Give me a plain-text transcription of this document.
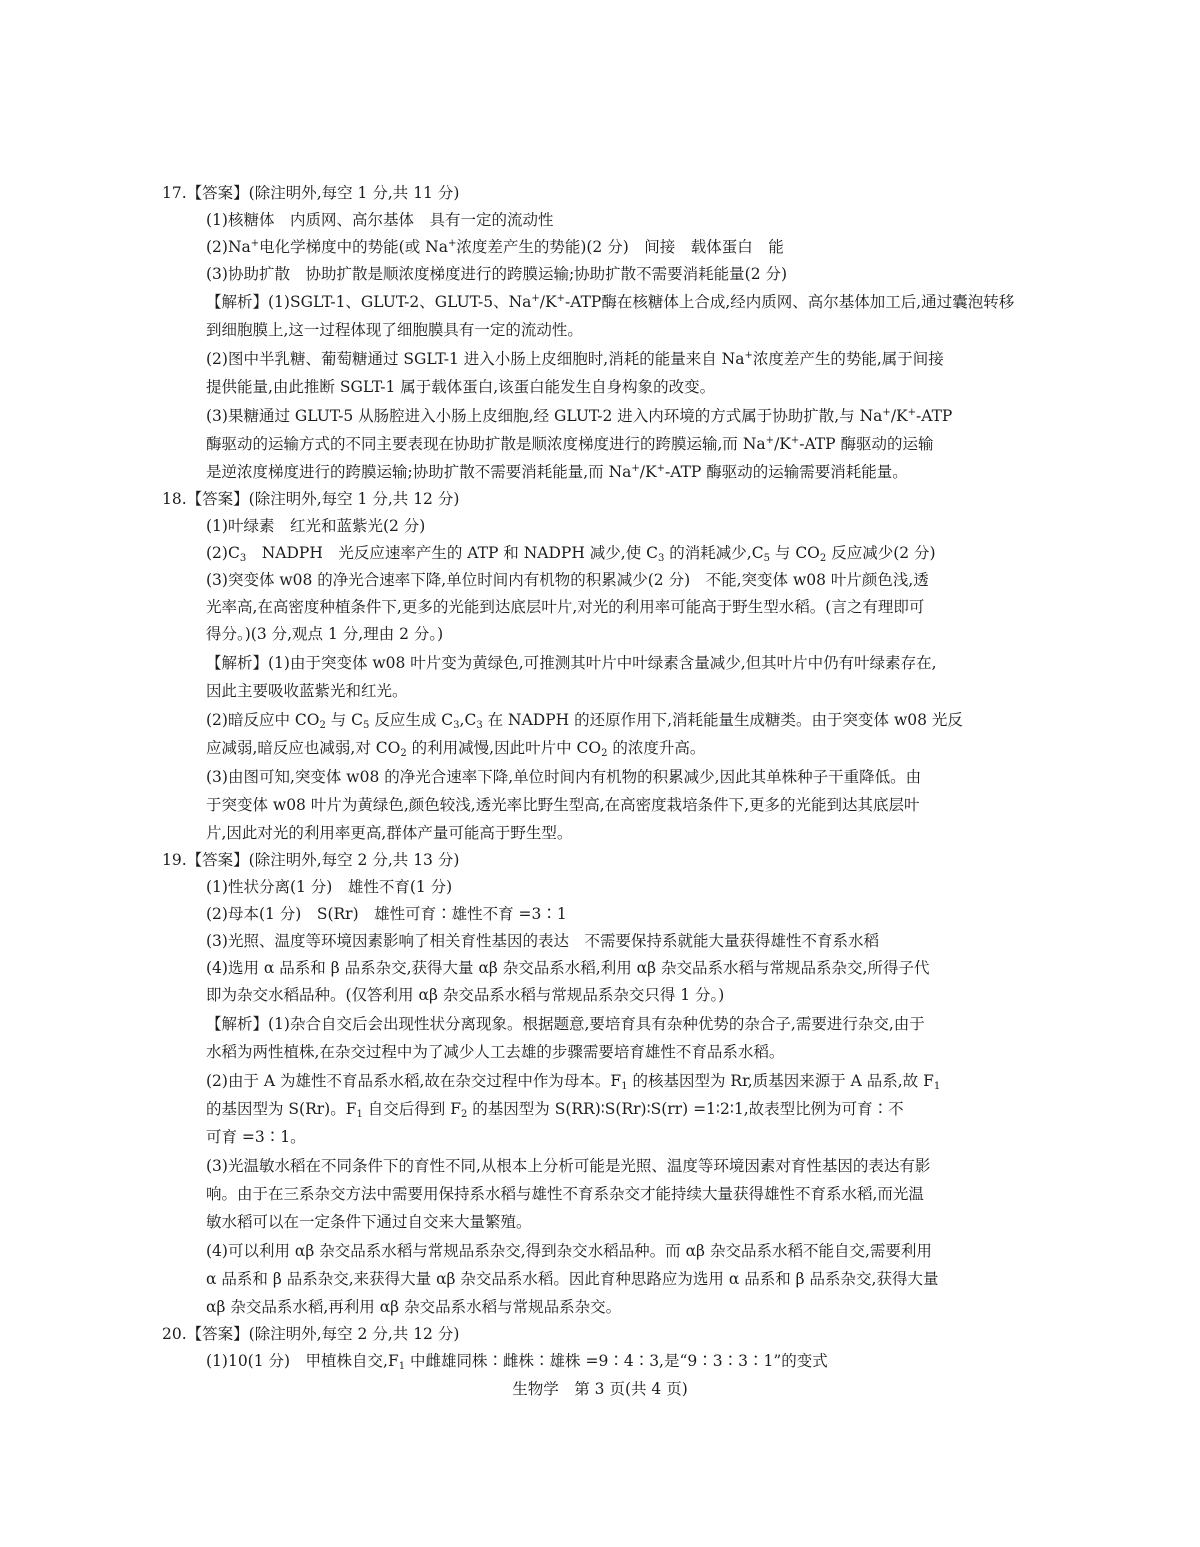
17.【答案】(除注明外,每空 1 分,共 11 分)
(1)核糖体　内质网、高尔基体　具有一定的流动性
(2)Na+电化学梯度中的势能(或 Na+浓度差产生的势能)(2 分)　间接　载体蛋白　能
(3)协助扩散　协助扩散是顺浓度梯度进行的跨膜运输;协助扩散不需要消耗能量(2 分)
【解析】(1)SGLT-1、GLUT-2、GLUT-5、Na+/K+-ATP酶在核糖体上合成,经内质网、高尔基体加工后,通过囊泡转移
到细胞膜上,这一过程体现了细胞膜具有一定的流动性。
(2)图中半乳糖、葡萄糖通过 SGLT-1 进入小肠上皮细胞时,消耗的能量来自 Na+浓度差产生的势能,属于间接
提供能量,由此推断 SGLT-1 属于载体蛋白,该蛋白能发生自身构象的改变。
(3)果糖通过 GLUT-5 从肠腔进入小肠上皮细胞,经 GLUT-2 进入内环境的方式属于协助扩散,与 Na+/K+-ATP
酶驱动的运输方式的不同主要表现在协助扩散是顺浓度梯度进行的跨膜运输,而 Na+/K+-ATP 酶驱动的运输
是逆浓度梯度进行的跨膜运输;协助扩散不需要消耗能量,而 Na+/K+-ATP 酶驱动的运输需要消耗能量。
18.【答案】(除注明外,每空 1 分,共 12 分)
(1)叶绿素　红光和蓝紫光(2 分)
$(2)C_3$　NADPH　光反应速率产生的 ATP 和 NADPH 减少,使 $C_3$ 的消耗减少$,C_5$ 与 $CO_2$ 反应减少(2 分)
(3)突变体 w08 的净光合速率下降,单位时间内有机物的积累减少(2 分)　不能,突变体 w08 叶片颜色浅,透
光率高,在高密度种植条件下,更多的光能到达底层叶片,对光的利用率可能高于野生型水稻。(言之有理即可
得分。)(3 分,观点 1 分,理由 2 分。)
【解析】(1)由于突变体 w08 叶片变为黄绿色,可推测其叶片中叶绿素含量减少,但其叶片中仍有叶绿素存在,
因此主要吸收蓝紫光和红光。
(2)暗反应中 $CO_2$ 与 $C_5$ 反应生成 $C_3,C_3$ 在 NADPH 的还原作用下,消耗能量生成糖类。由于突变体 w08 光反
应减弱,暗反应也减弱,对 $CO_2$ 的利用减慢,因此叶片中 $CO_2$ 的浓度升高。
(3)由图可知,突变体 w08 的净光合速率下降,单位时间内有机物的积累减少,因此其单株种子干重降低。由
于突变体 w08 叶片为黄绿色,颜色较浅,透光率比野生型高,在高密度栽培条件下,更多的光能到达其底层叶
片,因此对光的利用率更高,群体产量可能高于野生型。
19.【答案】(除注明外,每空 2 分,共 13 分)
(1)性状分离(1 分)　雄性不育(1 分)
(2)母本(1 分)　S(Rr)　雄性可育∶雄性不育 =3∶1
(3)光照、温度等环境因素影响了相关育性基因的表达　不需要保持系就能大量获得雄性不育系水稻
(4)选用 α 品系和 β 品系杂交,获得大量 αβ 杂交品系水稻,利用 αβ 杂交品系水稻与常规品系杂交,所得子代
即为杂交水稻品种。(仅答利用 αβ 杂交品系水稻与常规品系杂交只得 1 分。)
【解析】(1)杂合自交后会出现性状分离现象。根据题意,要培育具有杂种优势的杂合子,需要进行杂交,由于
水稻为两性植株,在杂交过程中为了减少人工去雄的步骤需要培育雄性不育品系水稻。
(2)由于 A 为雄性不育品系水稻,故在杂交过程中作为母本。$F_1$ 的核基因型为 Rr,质基因来源于 A 品系,故 $F_1$
的基因型为 S(Rr)。$F_1$ 自交后得到 $F_2$ 的基因型为 S(RR)∶S(Rr)∶S(rr) =1∶2∶1,故表型比例为可育∶不
可育 =3∶1。
(3)光温敏水稻在不同条件下的育性不同,从根本上分析可能是光照、温度等环境因素对育性基因的表达有影
响。由于在三系杂交方法中需要用保持系水稻与雄性不育系杂交才能持续大量获得雄性不育系水稻,而光温
敏水稻可以在一定条件下通过自交来大量繁殖。
(4)可以利用 αβ 杂交品系水稻与常规品系杂交,得到杂交水稻品种。而 αβ 杂交品系水稻不能自交,需要利用
α 品系和 β 品系杂交,来获得大量 αβ 杂交品系水稻。因此育种思路应为选用 α 品系和 β 品系杂交,获得大量
αβ 杂交品系水稻,再利用 αβ 杂交品系水稻与常规品系杂交。
20.【答案】(除注明外,每空 2 分,共 12 分)
(1)10(1 分)　甲植株自交$,F_1$ 中雌雄同株∶雌株∶雄株 =9∶4∶3,是“9∶3∶3∶1”的变式
生物学　第 3 页(共 4 页)
